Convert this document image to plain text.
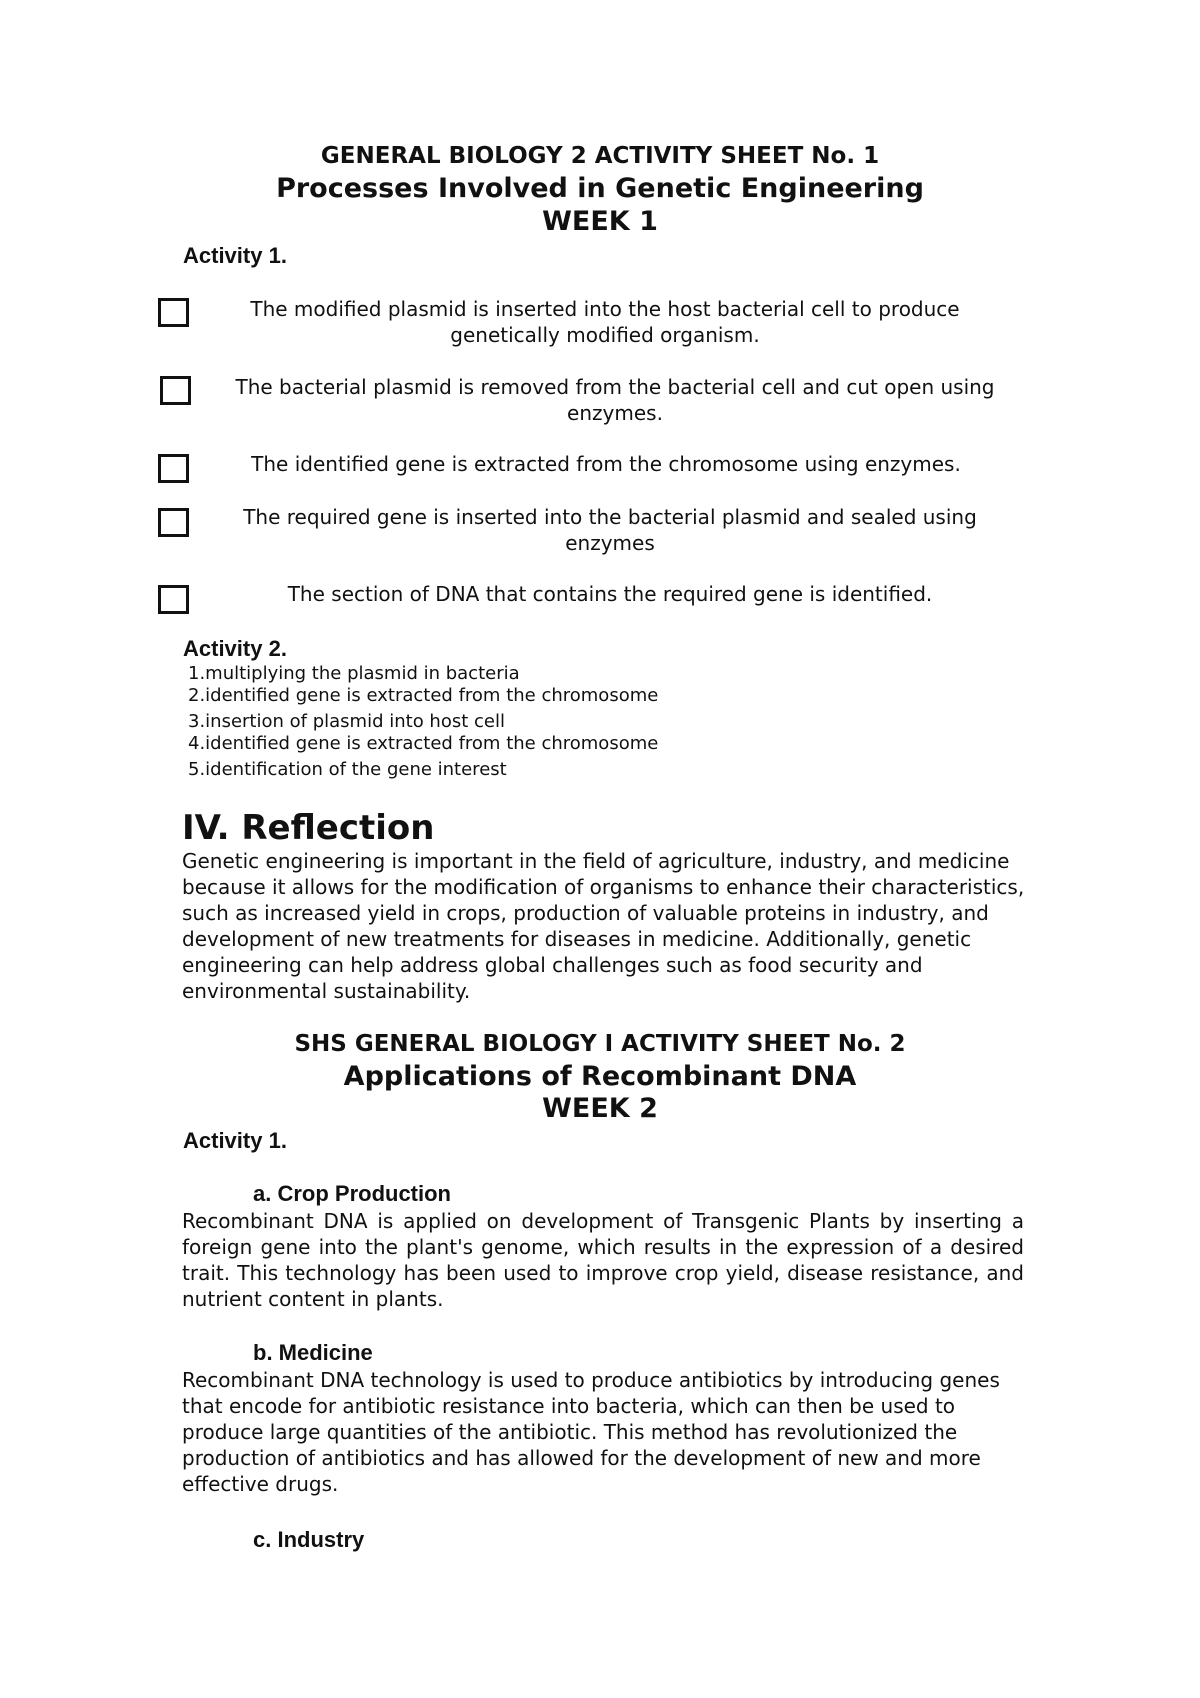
GENERAL BIOLOGY 2 ACTIVITY SHEET No. 1
Processes Involved in Genetic Engineering
WEEK 1

Activity 1.

The modified plasmid is inserted into the host bacterial cell to produce genetically modified organism.

The bacterial plasmid is removed from the bacterial cell and cut open using enzymes.

The identified gene is extracted from the chromosome using enzymes.

The required gene is inserted into the bacterial plasmid and sealed using enzymes

The section of DNA that contains the required gene is identified.

Activity 2.

1.multiplying the plasmid in bacteria

2.identified gene is extracted from the chromosome

3.insertion of plasmid into host cell

4.identified gene is extracted from the chromosome

5.identification of the gene interest

IV. Reflection

Genetic engineering is important in the field of agriculture, industry, and medicine because it allows for the modification of organisms to enhance their characteristics, such as increased yield in crops, production of valuable proteins in industry, and development of new treatments for diseases in medicine. Additionally, genetic engineering can help address global challenges such as food security and environmental sustainability.

SHS GENERAL BIOLOGY I ACTIVITY SHEET No. 2
Applications of Recombinant DNA
WEEK 2

Activity 1.

a. Crop Production

Recombinant DNA is applied on development of Transgenic Plants by inserting a foreign gene into the plant's genome, which results in the expression of a desired trait. This technology has been used to improve crop yield, disease resistance, and nutrient content in plants.

b. Medicine

Recombinant DNA technology is used to produce antibiotics by introducing genes that encode for antibiotic resistance into bacteria, which can then be used to produce large quantities of the antibiotic. This method has revolutionized the production of antibiotics and has allowed for the development of new and more effective drugs.

c. Industry
